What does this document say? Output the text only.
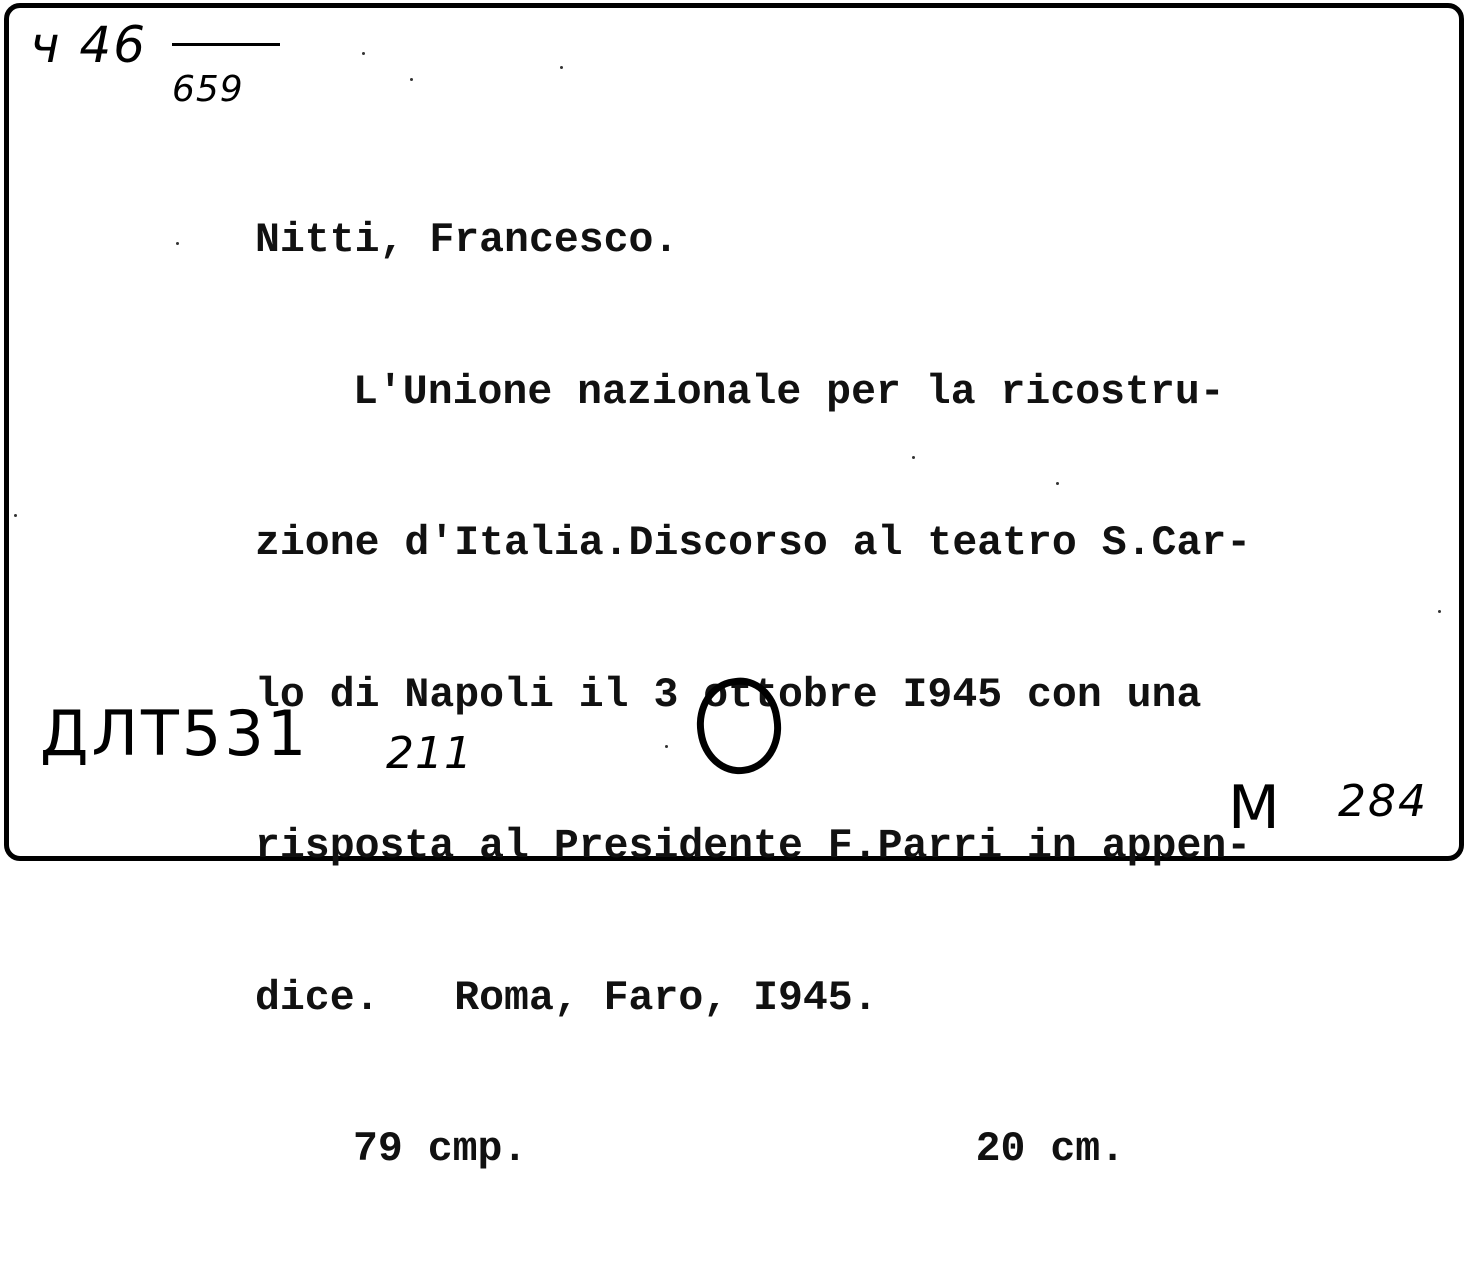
ч 46
659

Nitti, Francesco.

L'Unione nazionale per la ricostru-

zione d'Italia.Discorso al teatro S.Car-

lo di Napoli il 3 ottobre I945 con una

risposta al Presidente F.Parri in appen-

dice.   Roma, Faro, I945.

79 cmp.                  20 cm.

ДЛТ531 211
M 284
